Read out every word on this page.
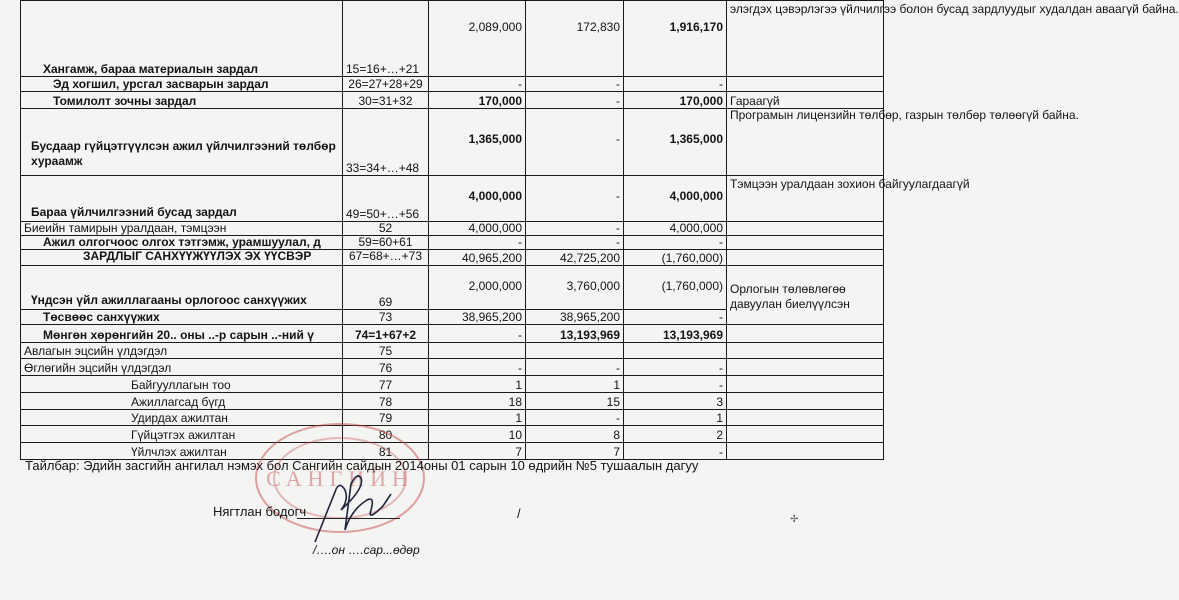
Хангамж, бараа материалын зардал	15=16+…+21	2,089,000	172,830	1,916,170	элэгдэх цэвэрлэгээ үйлчилгээ болон бусад зардлуудыг худалдан аваагүй байна.
Эд хогшил, урсгал засварын зардал	26=27+28+29	-	-	-	
Томилолт зочны зардал	30=31+32	170,000	-	170,000	Гараагүй
Бусдаар гүйцэтгүүлсэн ажил үйлчилгээний төлбөр хураамж	33=34+…+48	1,365,000	-	1,365,000	Програмын лицензийн төлбөр, газрын төлбөр төлөөгүй байна.
Бараа үйлчилгээний бусад зардал	49=50+…+56	4,000,000	-	4,000,000	Тэмцээн уралдаан зохион байгуулагдаагүй
Биеийн тамирын уралдаан, тэмцээн	52	4,000,000	-	4,000,000	
Ажил олгогчоос олгох тэтгэмж, урамшуулал, д	59=60+61	-	-	-	
ЗАРДЛЫГ САНХҮҮЖҮҮЛЭХ ЭХ ҮҮСВЭР	67=68+…+73	40,965,200	42,725,200	(1,760,000)	
Үндсэн үйл ажиллагааны орлогоос санхүүжих	69	2,000,000	3,760,000	(1,760,000)	Орлогын төлөвлөгөө давуулан биелүүлсэн
Төсвөөс санхүүжих	73	38,965,200	38,965,200	-	
Мөнгөн хөрөнгийн 20.. оны ..-р сарын ..-ний ү	74=1+67+2	-	13,193,969	13,193,969	
Авлагын эцсийн үлдэгдэл	75				
Өглөгийн эцсийн үлдэгдэл	76	-	-	-	
Байгууллагын тоо	77	1	1	-	
Ажиллагсад бүгд	78	18	15	3	
Удирдах ажилтан	79	1	-	1	
Гүйцэтгэх ажилтан	80	10	8	2	
Үйлчлэх ажилтан	81	7	7	-	
САНГИЙН
Тайлбар: Эдийн засгийн ангилал нэмэх бол Сангийн сайдын 2014оны 01 сарын 10 өдрийн №5 тушаалын дагуу
Нягтлан бодогч	/
/….он ….сар...өдөр
✢
